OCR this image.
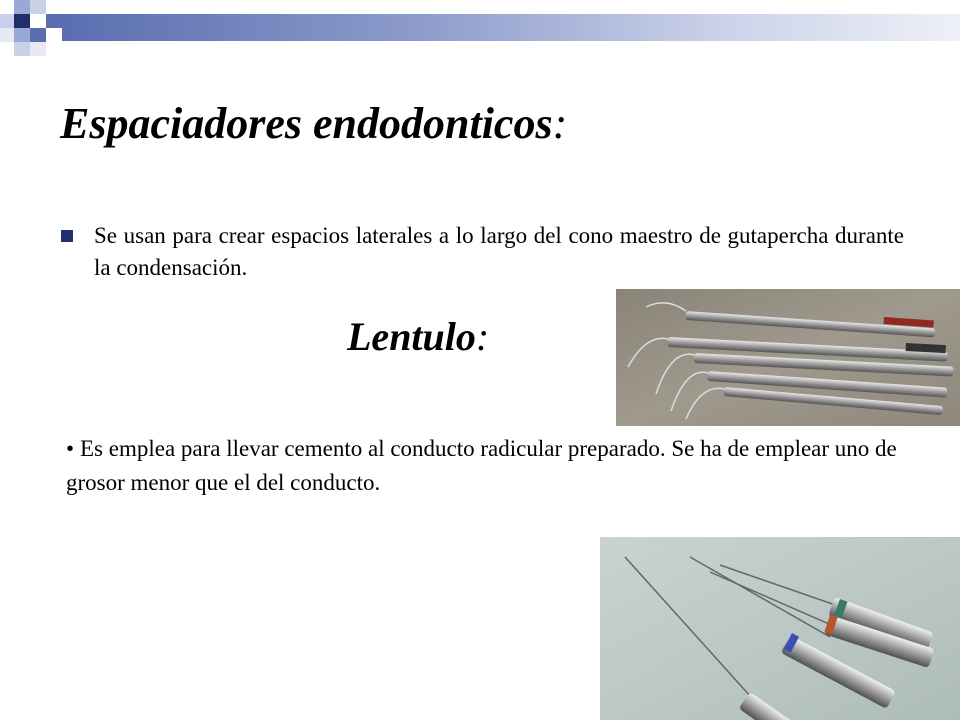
Espaciadores endodonticos:
Se usan para crear espacios laterales a lo largo del cono maestro de gutapercha durante la condensación.
Lentulo:
• Es emplea para llevar cemento al conducto radicular preparado. Se ha de emplear uno de grosor menor que el del conducto.
